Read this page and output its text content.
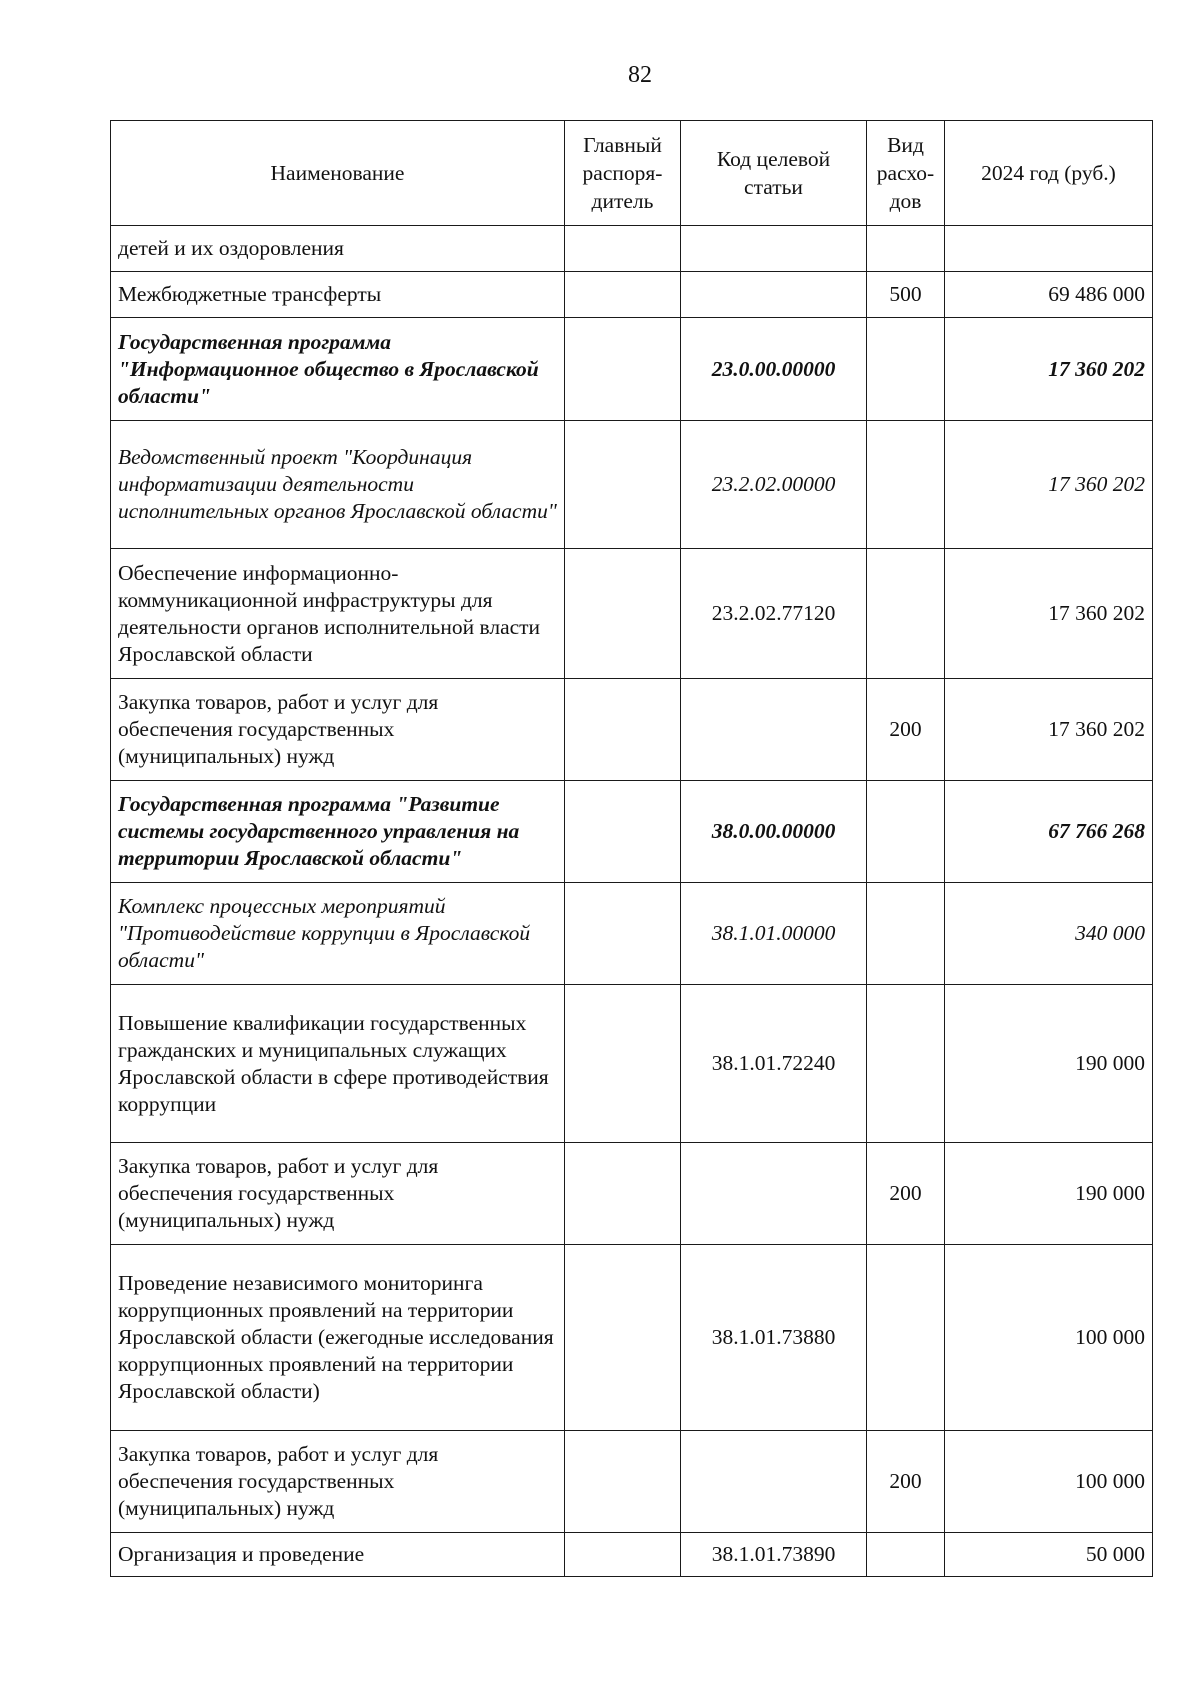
82
Наименование	Главный распоря-дитель	Код целевой статьи	Вид расхо-дов	2024 год (руб.)
детей и их оздоровления				
Межбюджетные трансферты			500	69 486 000
Государственная программа "Информационное общество в Ярославской области"		23.0.00.00000		17 360 202
Ведомственный проект "Координация информатизации деятельности исполнительных органов Ярославской области"		23.2.02.00000		17 360 202
Обеспечение информационно-коммуникационной инфраструктуры для деятельности органов исполнительной власти Ярославской области		23.2.02.77120		17 360 202
Закупка товаров, работ и услуг для обеспечения государственных (муниципальных) нужд			200	17 360 202
Государственная программа "Развитие системы государственного управления на территории Ярославской области"		38.0.00.00000		67 766 268
Комплекс процессных мероприятий "Противодействие коррупции в Ярославской области"		38.1.01.00000		340 000
Повышение квалификации государственных гражданских и муниципальных служащих Ярославской области в сфере противодействия коррупции		38.1.01.72240		190 000
Закупка товаров, работ и услуг для обеспечения государственных (муниципальных) нужд			200	190 000
Проведение независимого мониторинга коррупционных проявлений на территории Ярославской области (ежегодные исследования коррупционных проявлений на территории Ярославской области)		38.1.01.73880		100 000
Закупка товаров, работ и услуг для обеспечения государственных (муниципальных) нужд			200	100 000
Организация и проведение		38.1.01.73890		50 000
